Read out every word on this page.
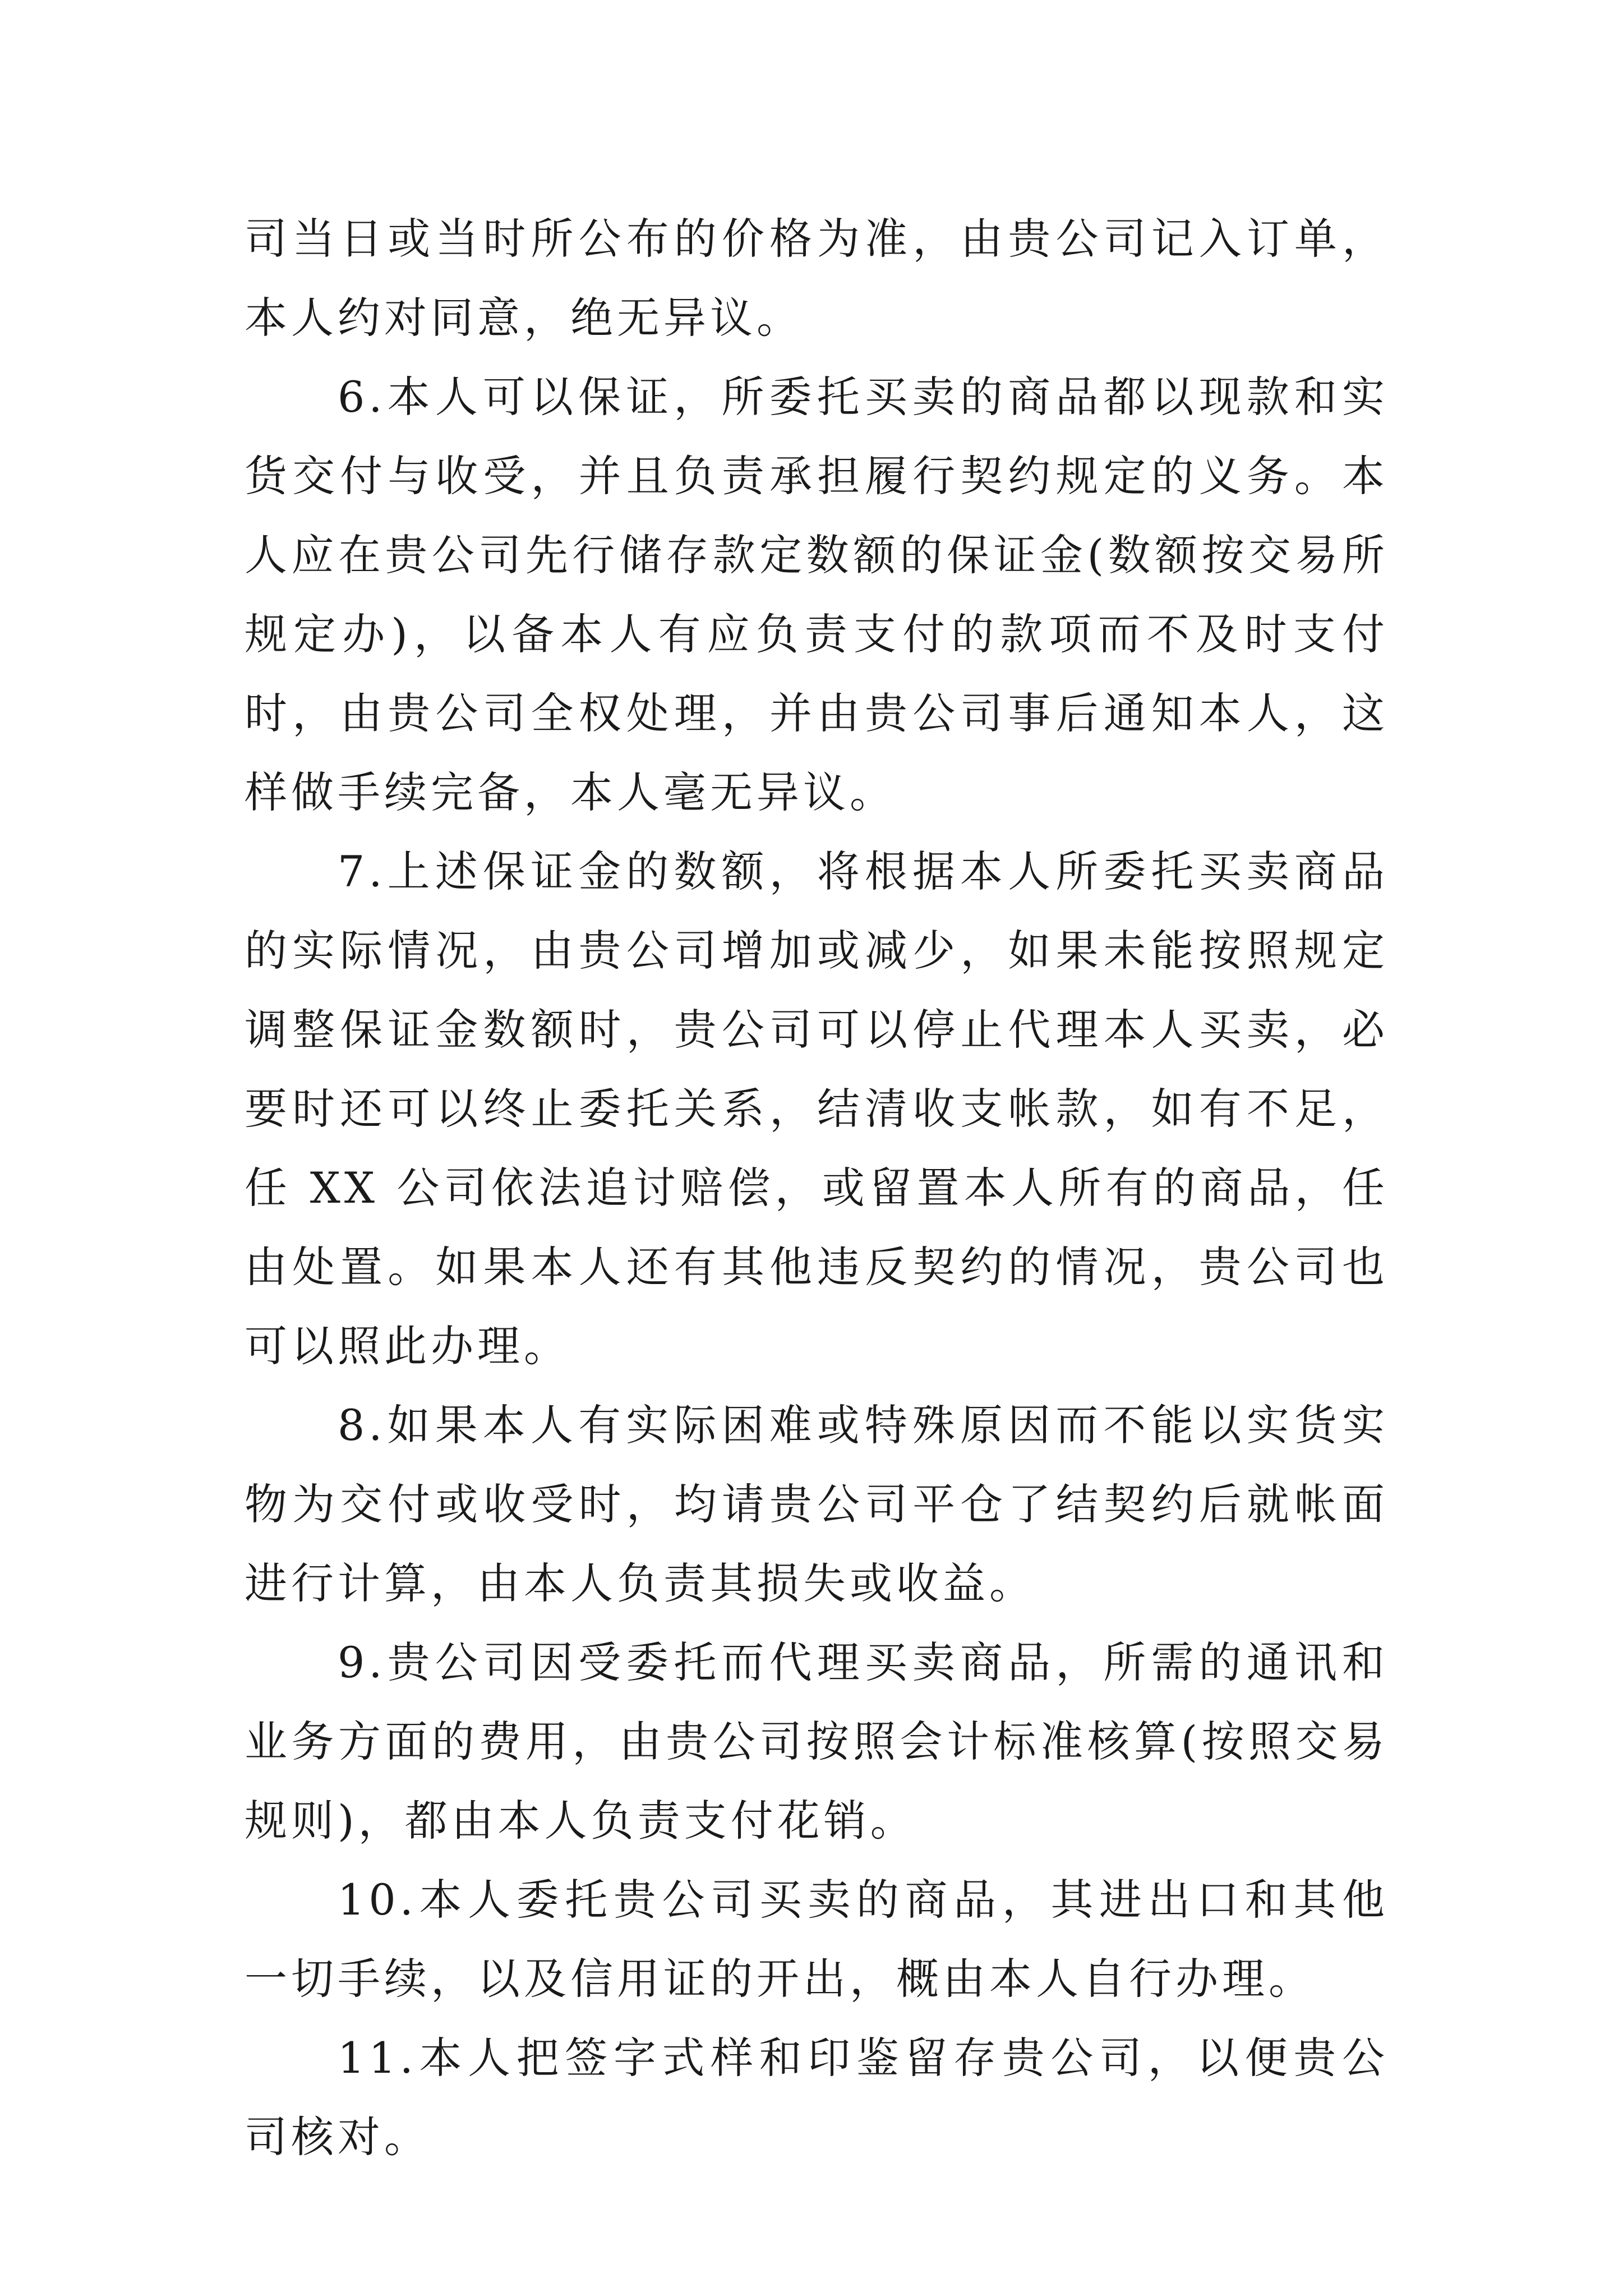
司当日或当时所公布的价格为准，由贵公司记入订单，本人约对同意，绝无异议。

6.本人可以保证，所委托买卖的商品都以现款和实货交付与收受，并且负责承担履行契约规定的义务。本人应在贵公司先行储存款定数额的保证金(数额按交易所规定办)，以备本人有应负责支付的款项而不及时支付时，由贵公司全权处理，并由贵公司事后通知本人，这样做手续完备，本人毫无异议。

7.上述保证金的数额，将根据本人所委托买卖商品的实际情况，由贵公司增加或减少，如果未能按照规定调整保证金数额时，贵公司可以停止代理本人买卖，必要时还可以终止委托关系，结清收支帐款，如有不足，任 XX 公司依法追讨赔偿，或留置本人所有的商品，任由处置。如果本人还有其他违反契约的情况，贵公司也可以照此办理。

8.如果本人有实际困难或特殊原因而不能以实货实物为交付或收受时，均请贵公司平仓了结契约后就帐面进行计算，由本人负责其损失或收益。

9.贵公司因受委托而代理买卖商品，所需的通讯和业务方面的费用，由贵公司按照会计标准核算(按照交易规则)，都由本人负责支付花销。

10.本人委托贵公司买卖的商品，其进出口和其他一切手续，以及信用证的开出，概由本人自行办理。

11.本人把签字式样和印鉴留存贵公司，以便贵公司核对。
